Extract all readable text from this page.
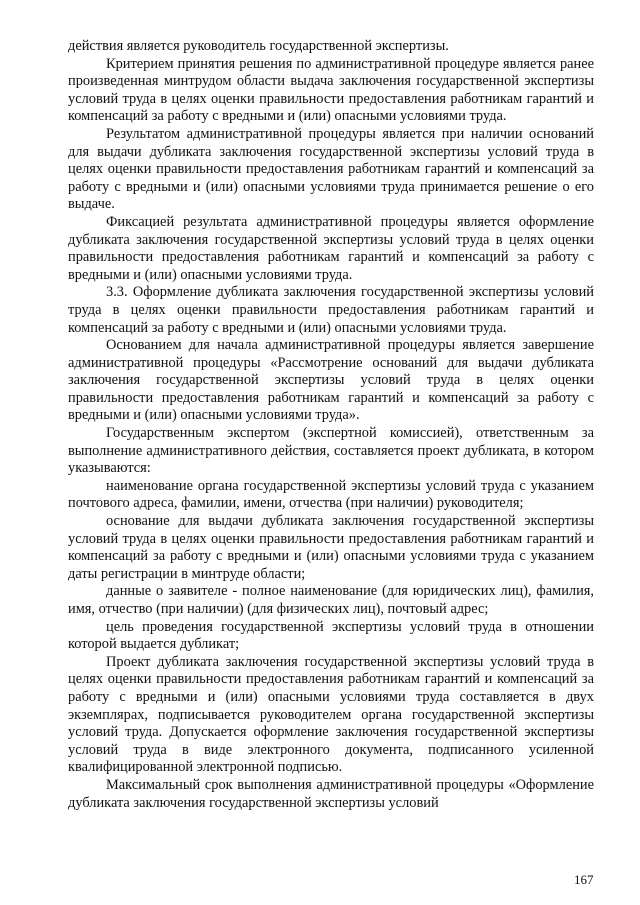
действия является руководитель государственной экспертизы.

Критерием принятия решения по административной процедуре является ранее произведенная минтрудом области выдача заключения государственной экспертизы условий труда в целях оценки правильности предоставления работникам гарантий и компенсаций за работу с вредными и (или) опасными условиями труда.

Результатом административной процедуры является при наличии оснований для выдачи дубликата заключения государственной экспертизы условий труда в целях оценки правильности предоставления работникам гарантий и компенсаций за работу с вредными и (или) опасными условиями труда принимается решение о его выдаче.

Фиксацией результата административной процедуры является оформление дубликата заключения государственной экспертизы условий труда в целях оценки правильности предоставления работникам гарантий и компенсаций за работу с вредными и (или) опасными условиями труда.

3.3. Оформление дубликата заключения государственной экспертизы условий труда в целях оценки правильности предоставления работникам гарантий и компенсаций за работу с вредными и (или) опасными условиями труда.

Основанием для начала административной процедуры является завершение административной процедуры «Рассмотрение оснований для выдачи дубликата заключения государственной экспертизы условий труда в целях оценки правильности предоставления работникам гарантий и компенсаций за работу с вредными и (или) опасными условиями труда».

Государственным экспертом (экспертной комиссией), ответственным за выполнение административного действия, составляется проект дубликата, в котором указываются:

наименование органа государственной экспертизы условий труда с указанием почтового адреса, фамилии, имени, отчества (при наличии) руководителя;

основание для выдачи дубликата заключения государственной экспертизы условий труда в целях оценки правильности предоставления работникам гарантий и компенсаций за работу с вредными и (или) опасными условиями труда с указанием даты регистрации в минтруде области;

данные о заявителе - полное наименование (для юридических лиц), фамилия, имя, отчество (при наличии) (для физических лиц), почтовый адрес;

цель проведения государственной экспертизы условий труда в отношении которой выдается дубликат;

Проект дубликата заключения государственной экспертизы условий труда в целях оценки правильности предоставления работникам гарантий и компенсаций за работу с вредными и (или) опасными условиями труда составляется в двух экземплярах, подписывается руководителем органа государственной экспертизы условий труда. Допускается оформление заключения государственной экспертизы условий труда в виде электронного документа, подписанного усиленной квалифицированной электронной подписью.

Максимальный срок выполнения административной процедуры «Оформление дубликата заключения государственной экспертизы условий

167
